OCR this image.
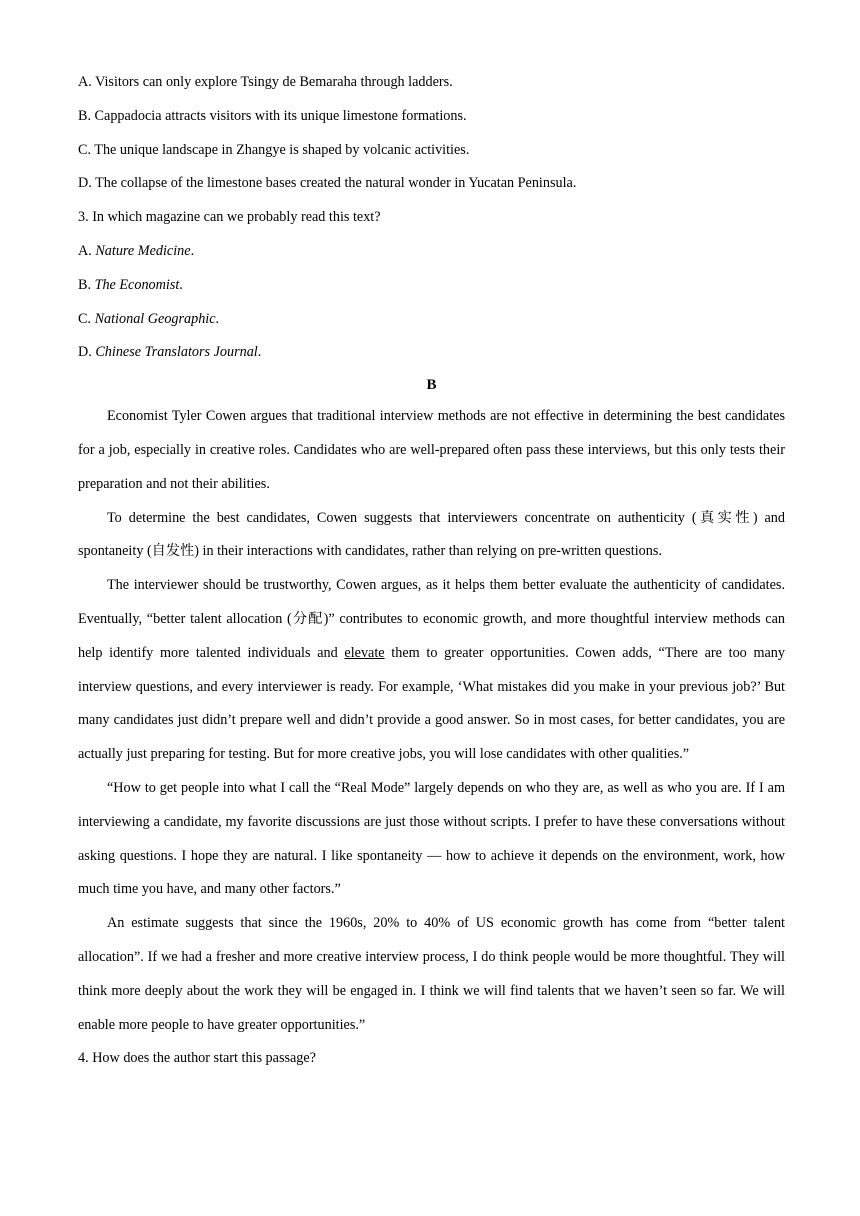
A. Visitors can only explore Tsingy de Bemaraha through ladders.
B. Cappadocia attracts visitors with its unique limestone formations.
C. The unique landscape in Zhangye is shaped by volcanic activities.
D. The collapse of the limestone bases created the natural wonder in Yucatan Peninsula.
3. In which magazine can we probably read this text?
A. Nature Medicine.
B. The Economist.
C. National Geographic.
D. Chinese Translators Journal.
B

Economist Tyler Cowen argues that traditional interview methods are not effective in determining the best candidates for a job, especially in creative roles. Candidates who are well-prepared often pass these interviews, but this only tests their preparation and not their abilities.

To determine the best candidates, Cowen suggests that interviewers concentrate on authenticity (真实性) and spontaneity (自发性) in their interactions with candidates, rather than relying on pre-written questions.

The interviewer should be trustworthy, Cowen argues, as it helps them better evaluate the authenticity of candidates. Eventually, “better talent allocation (分配)” contributes to economic growth, and more thoughtful interview methods can help identify more talented individuals and elevate them to greater opportunities. Cowen adds, “There are too many interview questions, and every interviewer is ready. For example, ‘What mistakes did you make in your previous job?’ But many candidates just didn’t prepare well and didn’t provide a good answer. So in most cases, for better candidates, you are actually just preparing for testing. But for more creative jobs, you will lose candidates with other qualities.”

“How to get people into what I call the “Real Mode” largely depends on who they are, as well as who you are. If I am interviewing a candidate, my favorite discussions are just those without scripts. I prefer to have these conversations without asking questions. I hope they are natural. I like spontaneity — how to achieve it depends on the environment, work, how much time you have, and many other factors.”

An estimate suggests that since the 1960s, 20% to 40% of US economic growth has come from “better talent allocation”. If we had a fresher and more creative interview process, I do think people would be more thoughtful. They will think more deeply about the work they will be engaged in. I think we will find talents that we haven’t seen so far. We will enable more people to have greater opportunities.”

4. How does the author start this passage?
